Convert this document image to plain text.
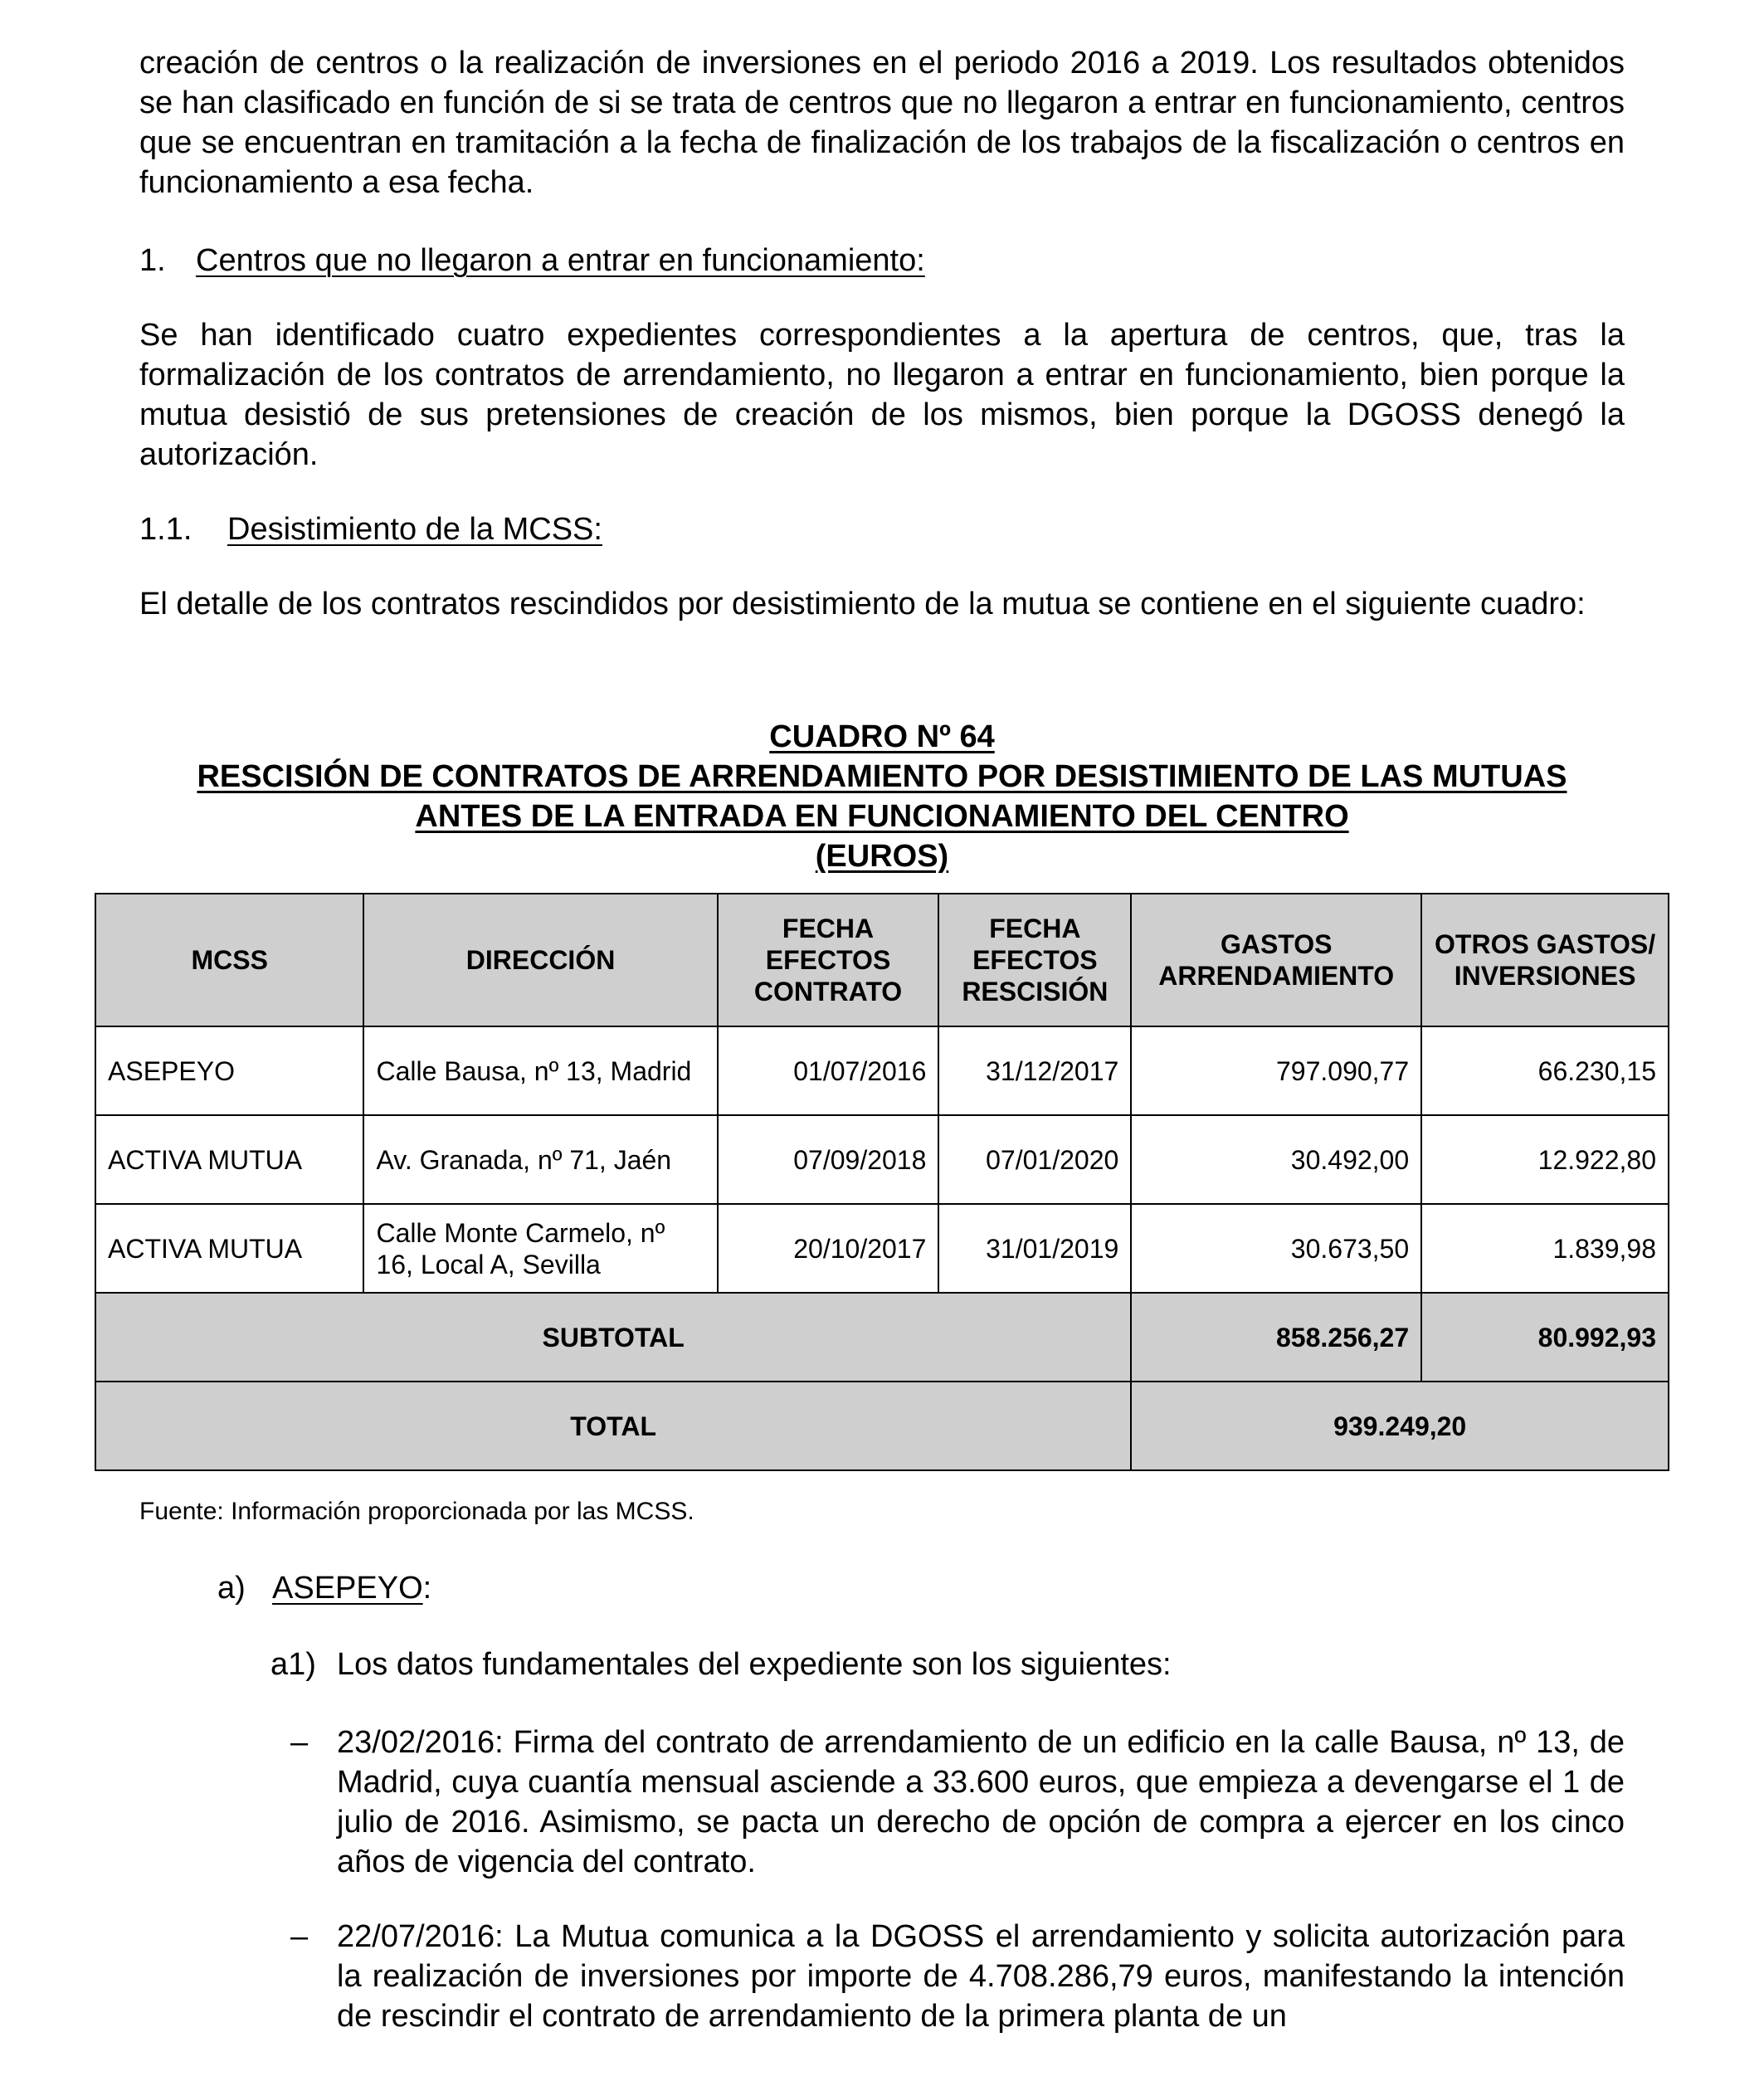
creación de centros o la realización de inversiones en el periodo 2016 a 2019. Los resultados obtenidos se han clasificado en función de si se trata de centros que no llegaron a entrar en funcionamiento, centros que se encuentran en tramitación a la fecha de finalización de los trabajos de la fiscalización o centros en funcionamiento a esa fecha.

1. Centros que no llegaron a entrar en funcionamiento:

Se han identificado cuatro expedientes correspondientes a la apertura de centros, que, tras la formalización de los contratos de arrendamiento, no llegaron a entrar en funcionamiento, bien porque la mutua desistió de sus pretensiones de creación de los mismos, bien porque la DGOSS denegó la autorización.

1.1. Desistimiento de la MCSS:

El detalle de los contratos rescindidos por desistimiento de la mutua se contiene en el siguiente cuadro:

CUADRO Nº 64
RESCISIÓN DE CONTRATOS DE ARRENDAMIENTO POR DESISTIMIENTO DE LAS MUTUAS
ANTES DE LA ENTRADA EN FUNCIONAMIENTO DEL CENTRO
(EUROS)
MCSS	DIRECCIÓN	FECHA EFECTOS CONTRATO	FECHA EFECTOS RESCISIÓN	GASTOS ARRENDAMIENTO	OTROS GASTOS/ INVERSIONES
ASEPEYO	Calle Bausa, nº 13, Madrid	01/07/2016	31/12/2017	797.090,77	66.230,15
ACTIVA MUTUA	Av. Granada, nº 71, Jaén	07/09/2018	07/01/2020	30.492,00	12.922,80
ACTIVA MUTUA	Calle Monte Carmelo, nº 16, Local A, Sevilla	20/10/2017	31/01/2019	30.673,50	1.839,98
SUBTOTAL				858.256,27	80.992,93
TOTAL				939.249,20	
Fuente: Información proporcionada por las MCSS.
a) ASEPEYO:
a1) Los datos fundamentales del expediente son los siguientes:
– 23/02/2016: Firma del contrato de arrendamiento de un edificio en la calle Bausa, nº 13, de Madrid, cuya cuantía mensual asciende a 33.600 euros, que empieza a devengarse el 1 de julio de 2016. Asimismo, se pacta un derecho de opción de compra a ejercer en los cinco años de vigencia del contrato.

– 22/07/2016: La Mutua comunica a la DGOSS el arrendamiento y solicita autorización para la realización de inversiones por importe de 4.708.286,79 euros, manifestando la intención de rescindir el contrato de arrendamiento de la primera planta de un
